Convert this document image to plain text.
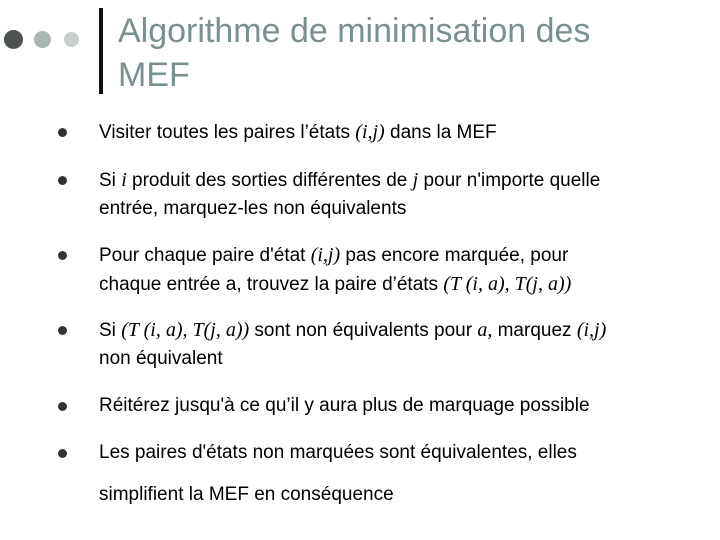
Algorithme de minimisation des
MEF
Visiter toutes les paires l’états (i,j) dans la MEF
Si i produit des sorties différentes de j pour n'importe quelle
entrée, marquez-les non équivalents
Pour chaque paire d'état (i,j) pas encore marquée, pour
chaque entrée a, trouvez la paire d’états (T (i, a), T(j, a))
Si (T (i, a), T(j, a)) sont non équivalents pour a, marquez (i,j)
non équivalent
Réitérez jusqu'à ce qu’il y aura plus de marquage possible
Les paires d'états non marquées sont équivalentes, elles
simplifient la MEF en conséquence
